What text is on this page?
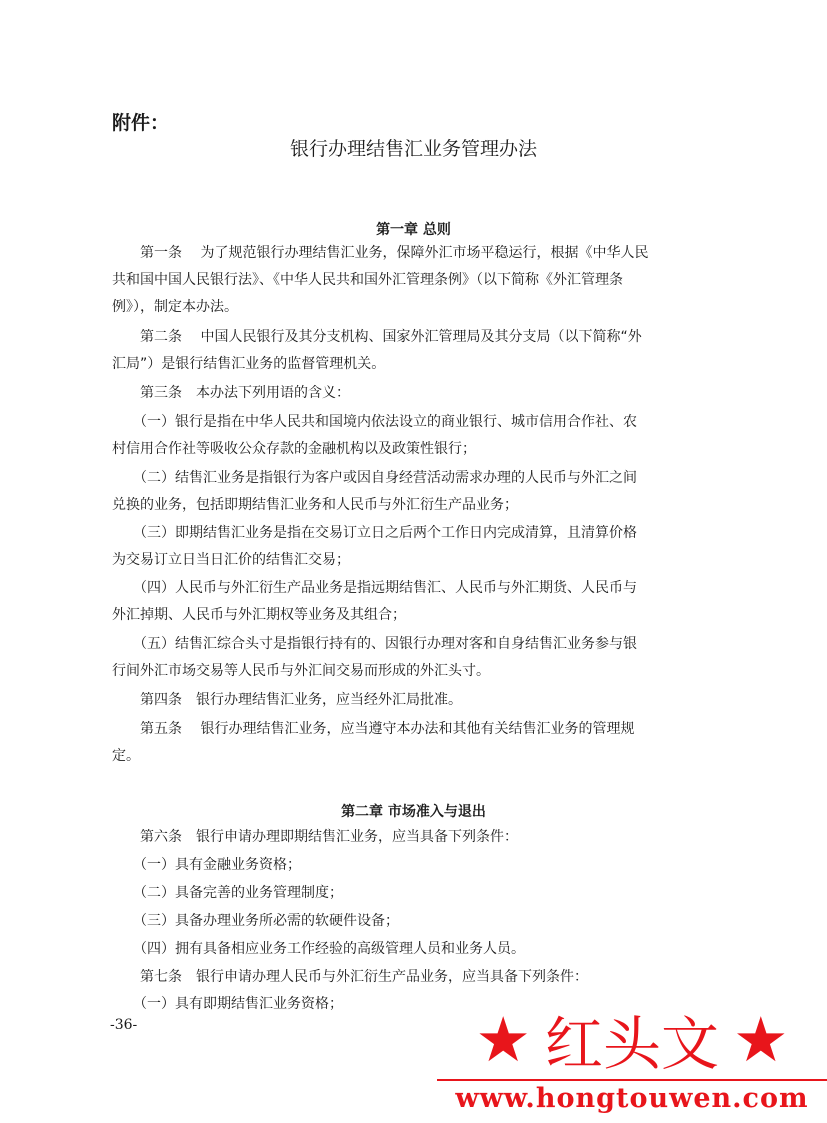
附件：
银行办理结售汇业务管理办法
第一章 总则
　　第一条　 为了规范银行办理结售汇业务，保障外汇市场平稳运行，根据《中华人民
共和国中国人民银行法》、《中华人民共和国外汇管理条例》（以下简称《外汇管理条
例》），制定本办法。
　　第二条　 中国人民银行及其分支机构、国家外汇管理局及其分支局（以下简称“外
汇局”）是银行结售汇业务的监督管理机关。
　　第三条　本办法下列用语的含义：
　　（一）银行是指在中华人民共和国境内依法设立的商业银行、城市信用合作社、农
村信用合作社等吸收公众存款的金融机构以及政策性银行；
　　（二）结售汇业务是指银行为客户或因自身经营活动需求办理的人民币与外汇之间
兑换的业务，包括即期结售汇业务和人民币与外汇衍生产品业务；
　　（三）即期结售汇业务是指在交易订立日之后两个工作日内完成清算，且清算价格
为交易订立日当日汇价的结售汇交易；
　　（四）人民币与外汇衍生产品业务是指远期结售汇、人民币与外汇期货、人民币与
外汇掉期、人民币与外汇期权等业务及其组合；
　　（五）结售汇综合头寸是指银行持有的、因银行办理对客和自身结售汇业务参与银
行间外汇市场交易等人民币与外汇间交易而形成的外汇头寸。
　　第四条　银行办理结售汇业务，应当经外汇局批准。
　　第五条　 银行办理结售汇业务，应当遵守本办法和其他有关结售汇业务的管理规
定。
第二章 市场准入与退出
　　第六条　银行申请办理即期结售汇业务，应当具备下列条件：
　　（一）具有金融业务资格；
　　（二）具备完善的业务管理制度；
　　（三）具备办理业务所必需的软硬件设备；
　　（四）拥有具备相应业务工作经验的高级管理人员和业务人员。
　　第七条　银行申请办理人民币与外汇衍生产品业务，应当具备下列条件：
　　（一）具有即期结售汇业务资格；
-36-	★ 红头文 ★
www.hongtouwen.com
